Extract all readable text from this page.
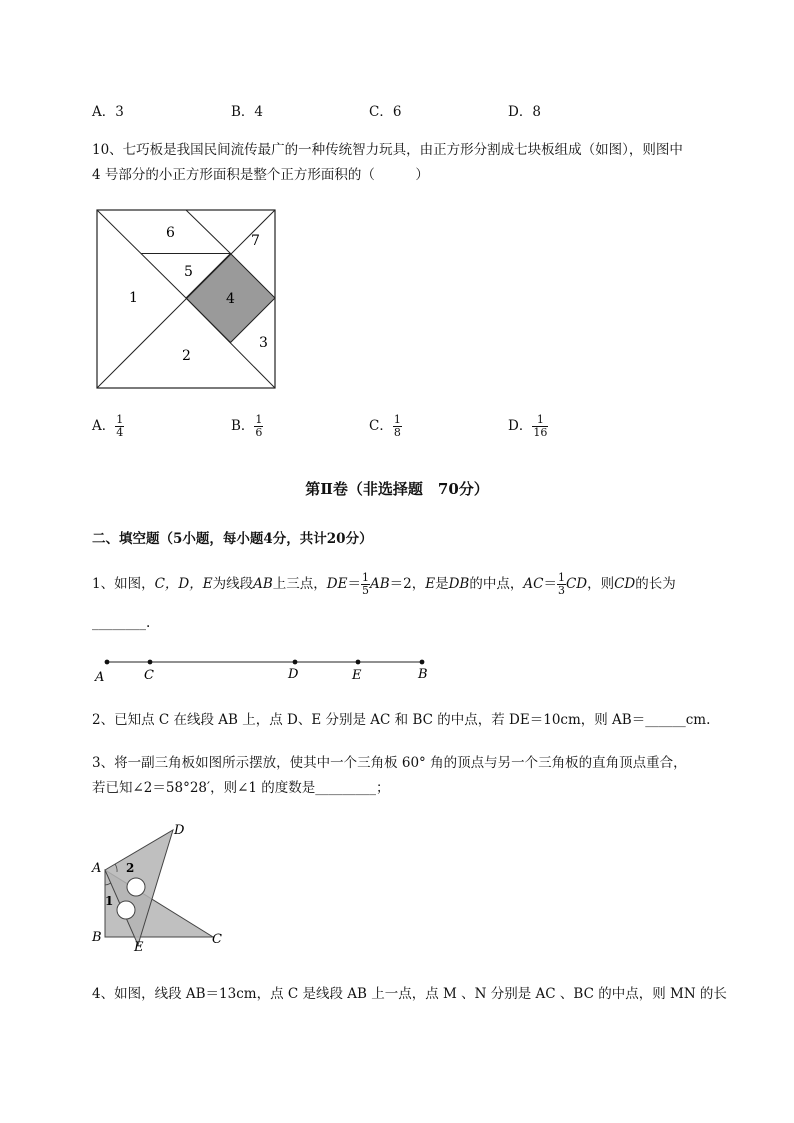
A．3	B．4	C．6	D．8
10、七巧板是我国民间流传最广的一种传统智力玩具，由正方形分割成七块板组成（如图），则图中
4 号部分的小正方形面积是整个正方形面积的（　　　）
6	7
5
1	4
3
2
A． $\frac{1}{4}$	B． $\frac{1}{6}$	C． $\frac{1}{8}$	D． $\frac{1}{16}$
第Ⅱ卷（非选择题　70分）
二、填空题（5小题，每小题4分，共计20分）
1、如图，C，D，E为线段AB上三点，$DE= \frac{1}{5} AB=2$，E是DB的中点，$AC= \frac{1}{3}$ CD，则CD的长为
________.
A	C	D	E	B
2、已知点 C 在线段 AB 上，点 D、E 分别是 AC 和 BC 的中点，若 DE＝10cm，则 AB＝______cm.
3、将一副三角板如图所示摆放，使其中一个三角板 60° 角的顶点与另一个三角板的直角顶点重合，
若已知∠2＝58°28′，则∠1 的度数是_________；
D
A 2
1
B
E
C
4、如图，线段 AB＝13cm，点 C 是线段 AB 上一点，点 M 、N 分别是 AC 、BC 的中点，则 MN 的长
